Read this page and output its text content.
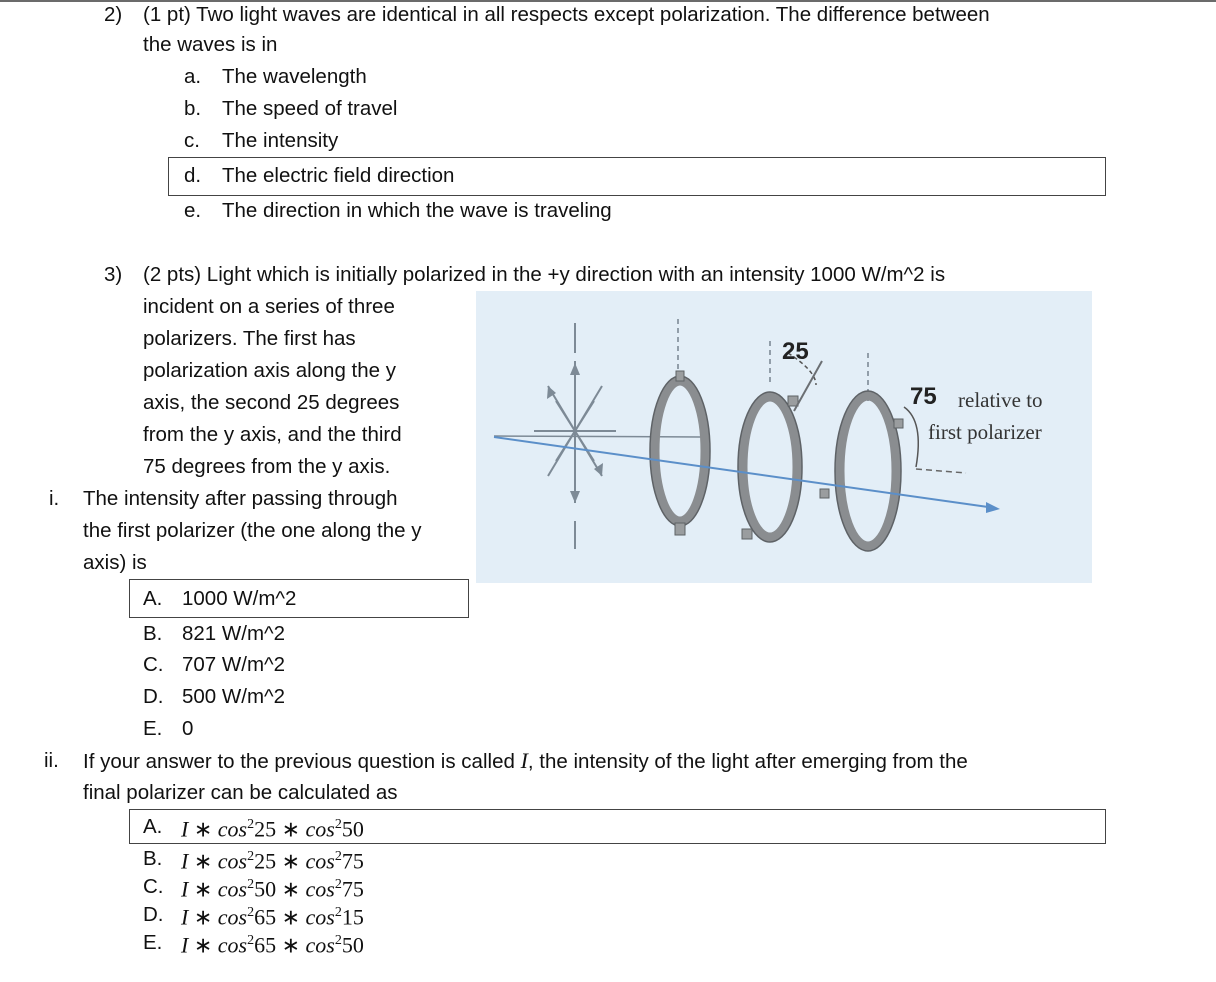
2) (1 pt) Two light waves are identical in all respects except polarization. The difference between
the waves is in
a. The wavelength
b. The speed of travel
c. The intensity
d. The electric field direction
e. The direction in which the wave is traveling
3) (2 pts) Light which is initially polarized in the +y direction with an intensity 1000 W/m^2 is
incident on a series of three
polarizers. The first has
polarization axis along the y
axis, the second 25 degrees
from the y axis, and the third
75 degrees from the y axis.
25
75 relative to
first polarizer
i. The intensity after passing through
the first polarizer (the one along the y
axis) is
A. 1000 W/m^2
B. 821 W/m^2
C. 707 W/m^2
D. 500 W/m^2
E. 0
ii. If your answer to the previous question is called I, the intensity of the light after emerging from the
final polarizer can be calculated as
A. I ∗ $\cos^225$ ∗ $\cos^250$
B. I ∗ $\cos^225$ ∗ $\cos^275$
C. I ∗ $\cos^250$ ∗ $\cos^275$
D. I ∗ $\cos^265$ ∗ $\cos^215$
E. I ∗ $\cos^265$ ∗ $\cos^250$
